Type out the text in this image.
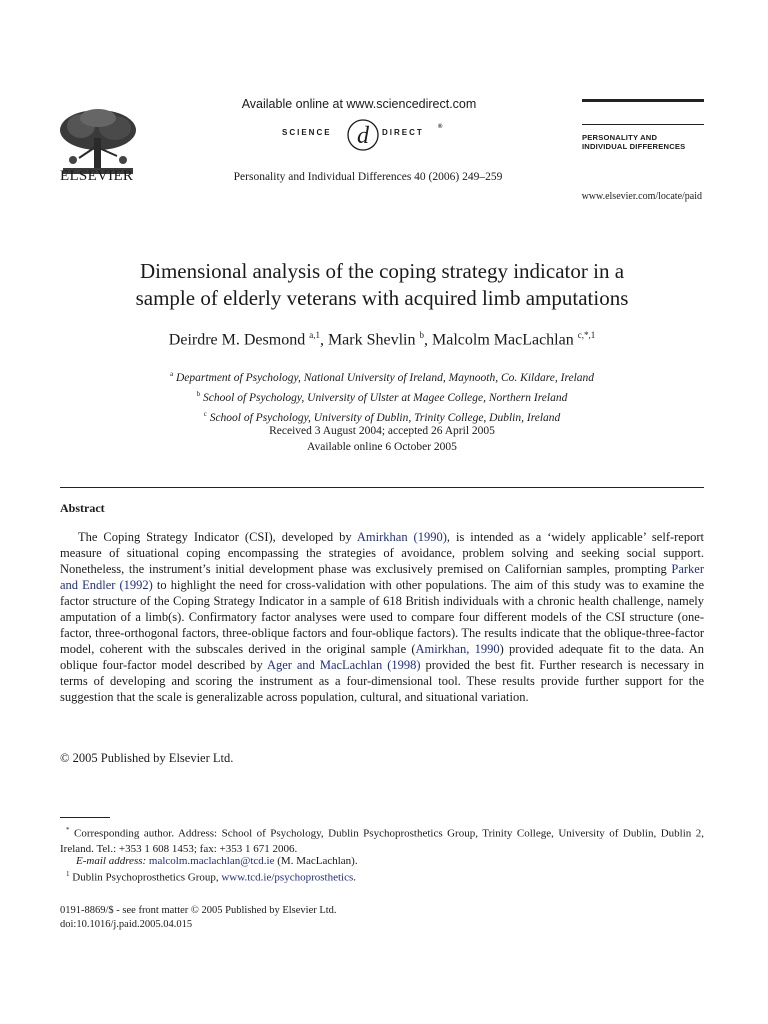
ELSEVIER
Available online at www.sciencedirect.com
SCIENCE d DIRECT
®
Personality and Individual Differences 40 (2006) 249–259
PERSONALITY AND
INDIVIDUAL DIFFERENCES
www.elsevier.com/locate/paid
Dimensional analysis of the coping strategy indicator in a
sample of elderly veterans with acquired limb amputations
Deirdre M. Desmond $^{a,1}$, Mark Shevlin $^b$, Malcolm MacLachlan $^{c,*,1}$
$^a$ Department of Psychology, National University of Ireland, Maynooth, Co. Kildare, Ireland
$^b$ School of Psychology, University of Ulster at Magee College, Northern Ireland
$^c$ School of Psychology, University of Dublin, Trinity College, Dublin, Ireland
Received 3 August 2004; accepted 26 April 2005
Available online 6 October 2005
Abstract
The Coping Strategy Indicator (CSI), developed by Amirkhan (1990), is intended as a ‘widely applicable’ self-report measure of situational coping encompassing the strategies of avoidance, problem solving and seeking social support. Nonetheless, the instrument’s initial development phase was exclusively premised on Californian samples, prompting Parker and Endler (1992) to highlight the need for cross-validation with other populations. The aim of this study was to examine the factor structure of the Coping Strategy Indicator in a sample of 618 British individuals with a chronic health challenge, namely amputation of a limb(s). Confirmatory factor analyses were used to compare four different models of the CSI structure (one-factor, three-orthogonal factors, three-oblique factors and four-oblique factors). The results indicate that the oblique-three-factor model, coherent with the subscales derived in the original sample (Amirkhan, 1990) provided adequate fit to the data. An oblique four-factor model described by Ager and MacLachlan (1998) provided the best fit. Further research is necessary in terms of developing and scoring the instrument as a four-dimensional tool. These results provide further support for the suggestion that the scale is generalizable across population, cultural, and situational variation.
© 2005 Published by Elsevier Ltd.
* Corresponding author. Address: School of Psychology, Dublin Psychoprosthetics Group, Trinity College, University of Dublin, Dublin 2, Ireland. Tel.: +353 1 608 1453; fax: +353 1 671 2006.
E-mail address: malcolm.maclachlan@tcd.ie (M. MacLachlan).
$^1$ Dublin Psychoprosthetics Group, www.tcd.ie/psychoprosthetics.
0191-8869/$ - see front matter © 2005 Published by Elsevier Ltd.
doi:10.1016/j.paid.2005.04.015
